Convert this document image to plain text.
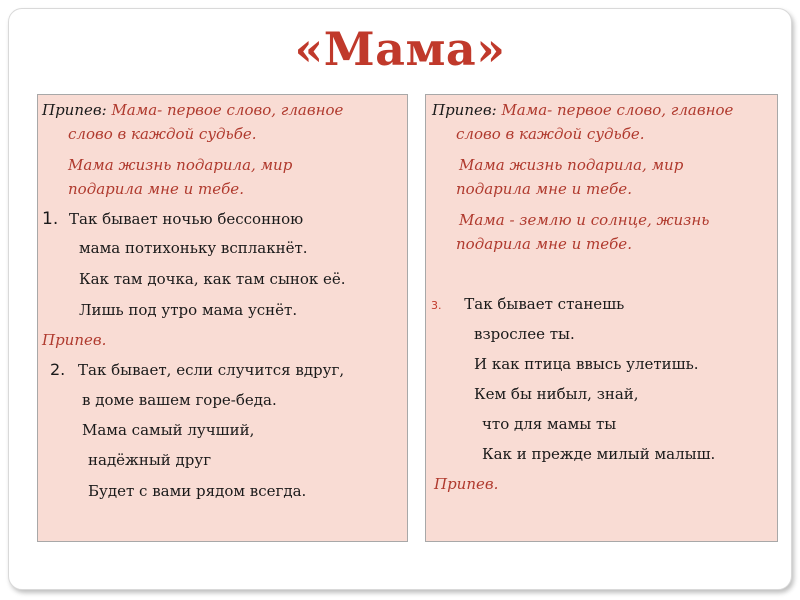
«Мама»
Припев: Мама- первое слово, главное
слово в каждой судьбе.
Мама жизнь подарила, мир
подарила мне и тебе.
1. Так бывает ночью бессонною
мама потихоньку всплакнёт.
Как там дочка, как там сынок её.
Лишь под утро мама уснёт.
Припев.
2. Так бывает, если случится вдруг,
в доме вашем горе-беда.
Мама самый лучший,
надёжный друг
Будет с вами рядом всегда.
Припев: Мама- первое слово, главное
слово в каждой судьбе.
Мама жизнь подарила, мир
подарила мне и тебе.
Мама - землю и солнце, жизнь
подарила мне и тебе.
3. Так бывает станешь
взрослее ты.
И как птица ввысь улетишь.
Кем бы нибыл, знай,
что для мамы ты
Как и прежде милый малыш.
Припев.
